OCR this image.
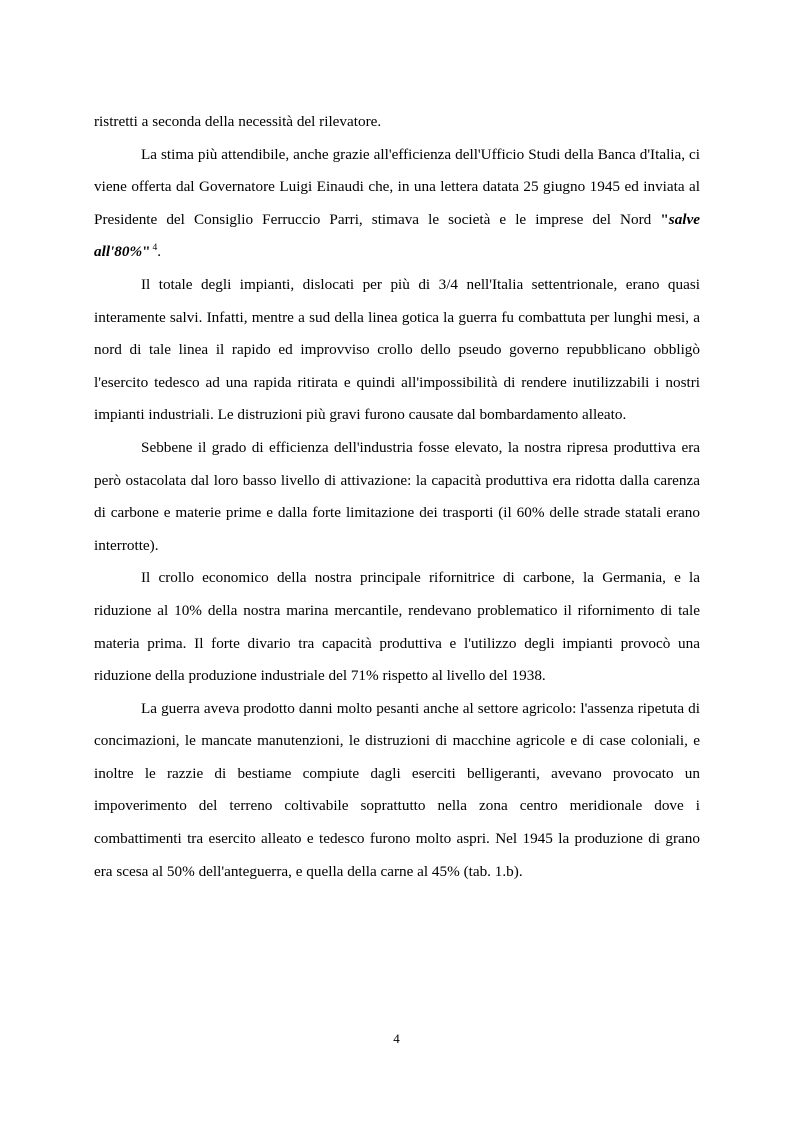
ristretti a seconda della necessità del rilevatore.

La stima più attendibile, anche grazie all'efficienza dell'Ufficio Studi della Banca d'Italia, ci viene offerta dal Governatore Luigi Einaudi che, in una lettera datata 25 giugno 1945 ed inviata al Presidente del Consiglio Ferruccio Parri, stimava le società e le imprese del Nord "salve all'80%" $^4$.

Il totale degli impianti, dislocati per più di 3/4 nell'Italia settentrionale, erano quasi interamente salvi. Infatti, mentre a sud della linea gotica la guerra fu combattuta per lunghi mesi, a nord di tale linea il rapido ed improvviso crollo dello pseudo governo repubblicano obbligò l'esercito tedesco ad una rapida ritirata e quindi all'impossibilità di rendere inutilizzabili i nostri impianti industriali. Le distruzioni più gravi furono causate dal bombardamento alleato.

Sebbene il grado di efficienza dell'industria fosse elevato, la nostra ripresa produttiva era però ostacolata dal loro basso livello di attivazione: la capacità produttiva era ridotta dalla carenza di carbone e materie prime e dalla forte limitazione dei trasporti (il 60% delle strade statali erano interrotte).

Il crollo economico della nostra principale rifornitrice di carbone, la Germania, e la riduzione al 10% della nostra marina mercantile, rendevano problematico il rifornimento di tale materia prima. Il forte divario tra capacità produttiva e l'utilizzo degli impianti provocò una riduzione della produzione industriale del 71% rispetto al livello del 1938.

La guerra aveva prodotto danni molto pesanti anche al settore agricolo: l'assenza ripetuta di concimazioni, le mancate manutenzioni, le distruzioni di macchine agricole e di case coloniali, e inoltre le razzie di bestiame compiute dagli eserciti belligeranti, avevano provocato un impoverimento del terreno coltivabile soprattutto nella zona centro meridionale dove i combattimenti tra esercito alleato e tedesco furono molto aspri. Nel 1945 la produzione di grano era scesa al 50% dell'anteguerra, e quella della carne al 45% (tab. 1.b).

4
